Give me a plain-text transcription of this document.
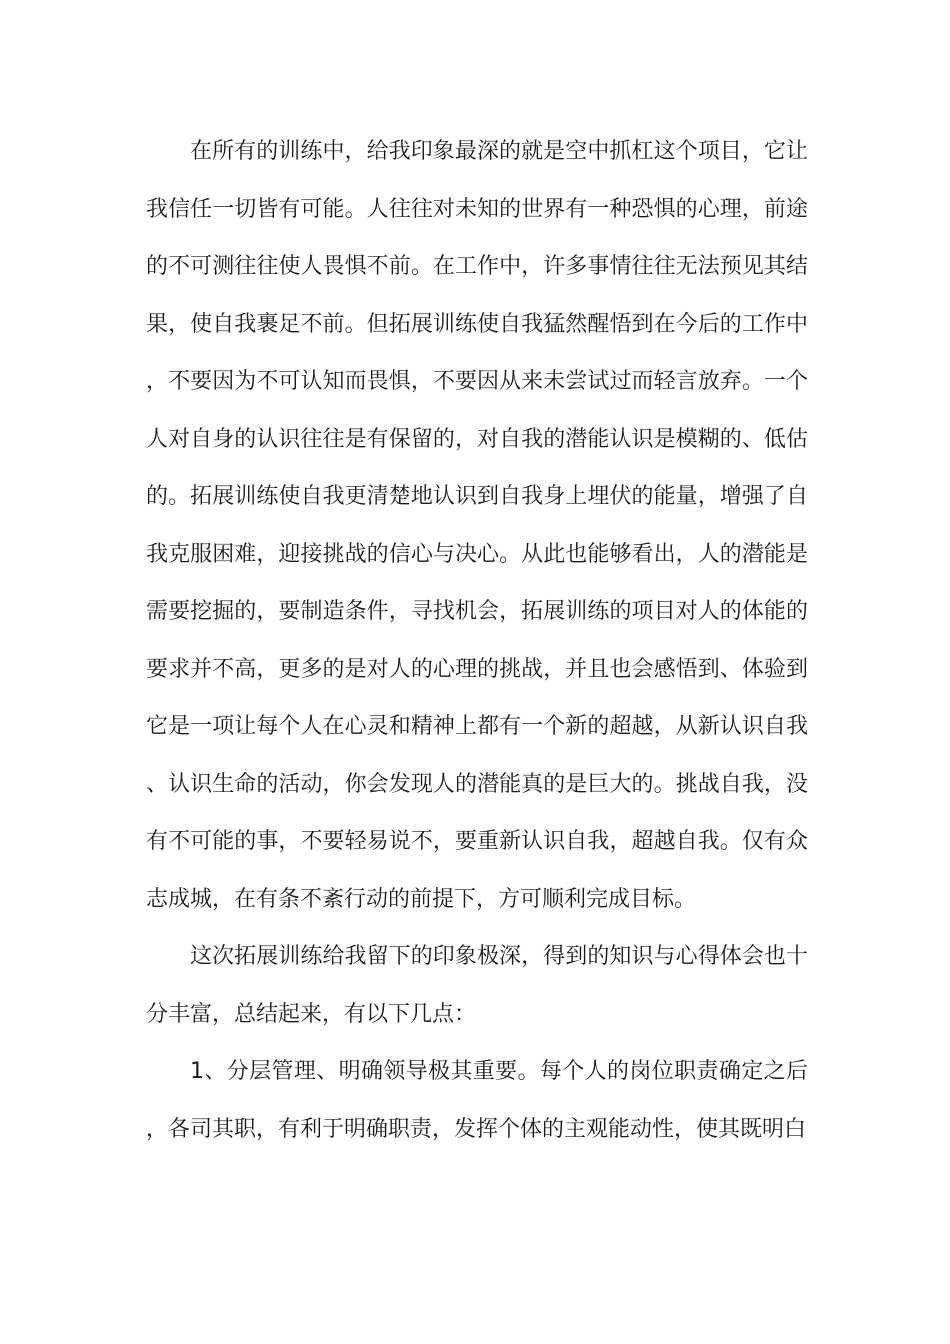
在所有的训练中，给我印象最深的就是空中抓杠这个项目，它让我信任一切皆有可能。人往往对未知的世界有一种恐惧的心理，前途的不可测往往使人畏惧不前。在工作中，许多事情往往无法预见其结果，使自我裹足不前。但拓展训练使自我猛然醒悟到在今后的工作中，不要因为不可认知而畏惧，不要因从来未尝试过而轻言放弃。一个人对自身的认识往往是有保留的，对自我的潜能认识是模糊的、低估的。拓展训练使自我更清楚地认识到自我身上埋伏的能量，增强了自我克服困难，迎接挑战的信心与决心。从此也能够看出，人的潜能是需要挖掘的，要制造条件，寻找机会，拓展训练的项目对人的体能的要求并不高，更多的是对人的心理的挑战，并且也会感悟到、体验到它是一项让每个人在心灵和精神上都有一个新的超越，从新认识自我、认识生命的活动，你会发现人的潜能真的是巨大的。挑战自我，没有不可能的事，不要轻易说不，要重新认识自我，超越自我。仅有众志成城，在有条不紊行动的前提下，方可顺利完成目标。

这次拓展训练给我留下的印象极深，得到的知识与心得体会也十分丰富，总结起来，有以下几点：

1、分层管理、明确领导极其重要。每个人的岗位职责确定之后，各司其职，有利于明确职责，发挥个体的主观能动性，使其既明白
